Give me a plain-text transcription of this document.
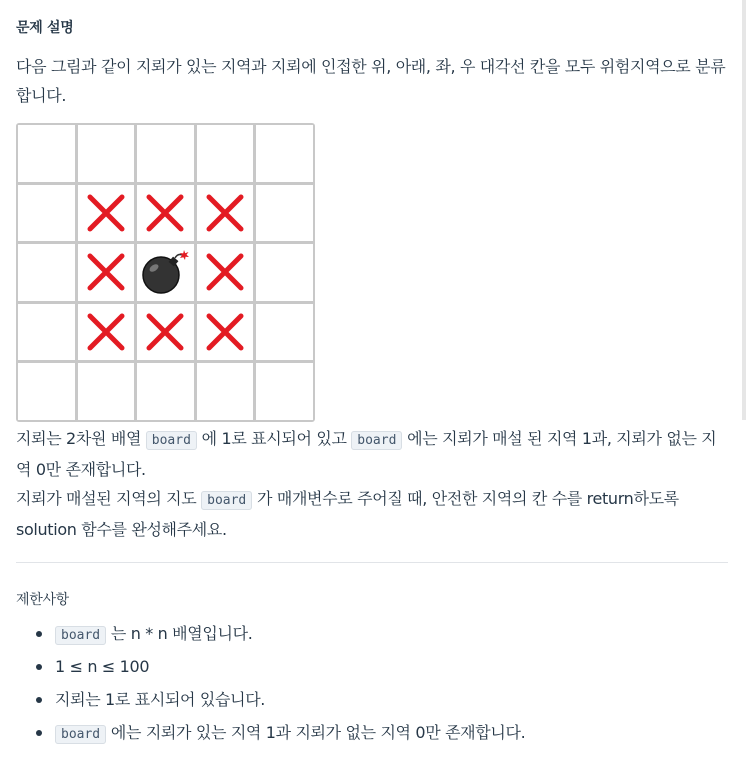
문제 설명
다음 그림과 같이 지뢰가 있는 지역과 지뢰에 인접한 위, 아래, 좌, 우 대각선 칸을 모두 위험지역으로 분류합니다.
지뢰는 2차원 배열 board 에 1로 표시되어 있고 board 에는 지뢰가 매설 된 지역 1과, 지뢰가 없는 지역 0만 존재합니다.
지뢰가 매설된 지역의 지도 board 가 매개변수로 주어질 때, 안전한 지역의 칸 수를 return하도록 solution 함수를 완성해주세요.
제한사항
board 는 n * n 배열입니다.
1 ≤ n ≤ 100
지뢰는 1로 표시되어 있습니다.
board 에는 지뢰가 있는 지역 1과 지뢰가 없는 지역 0만 존재합니다.
